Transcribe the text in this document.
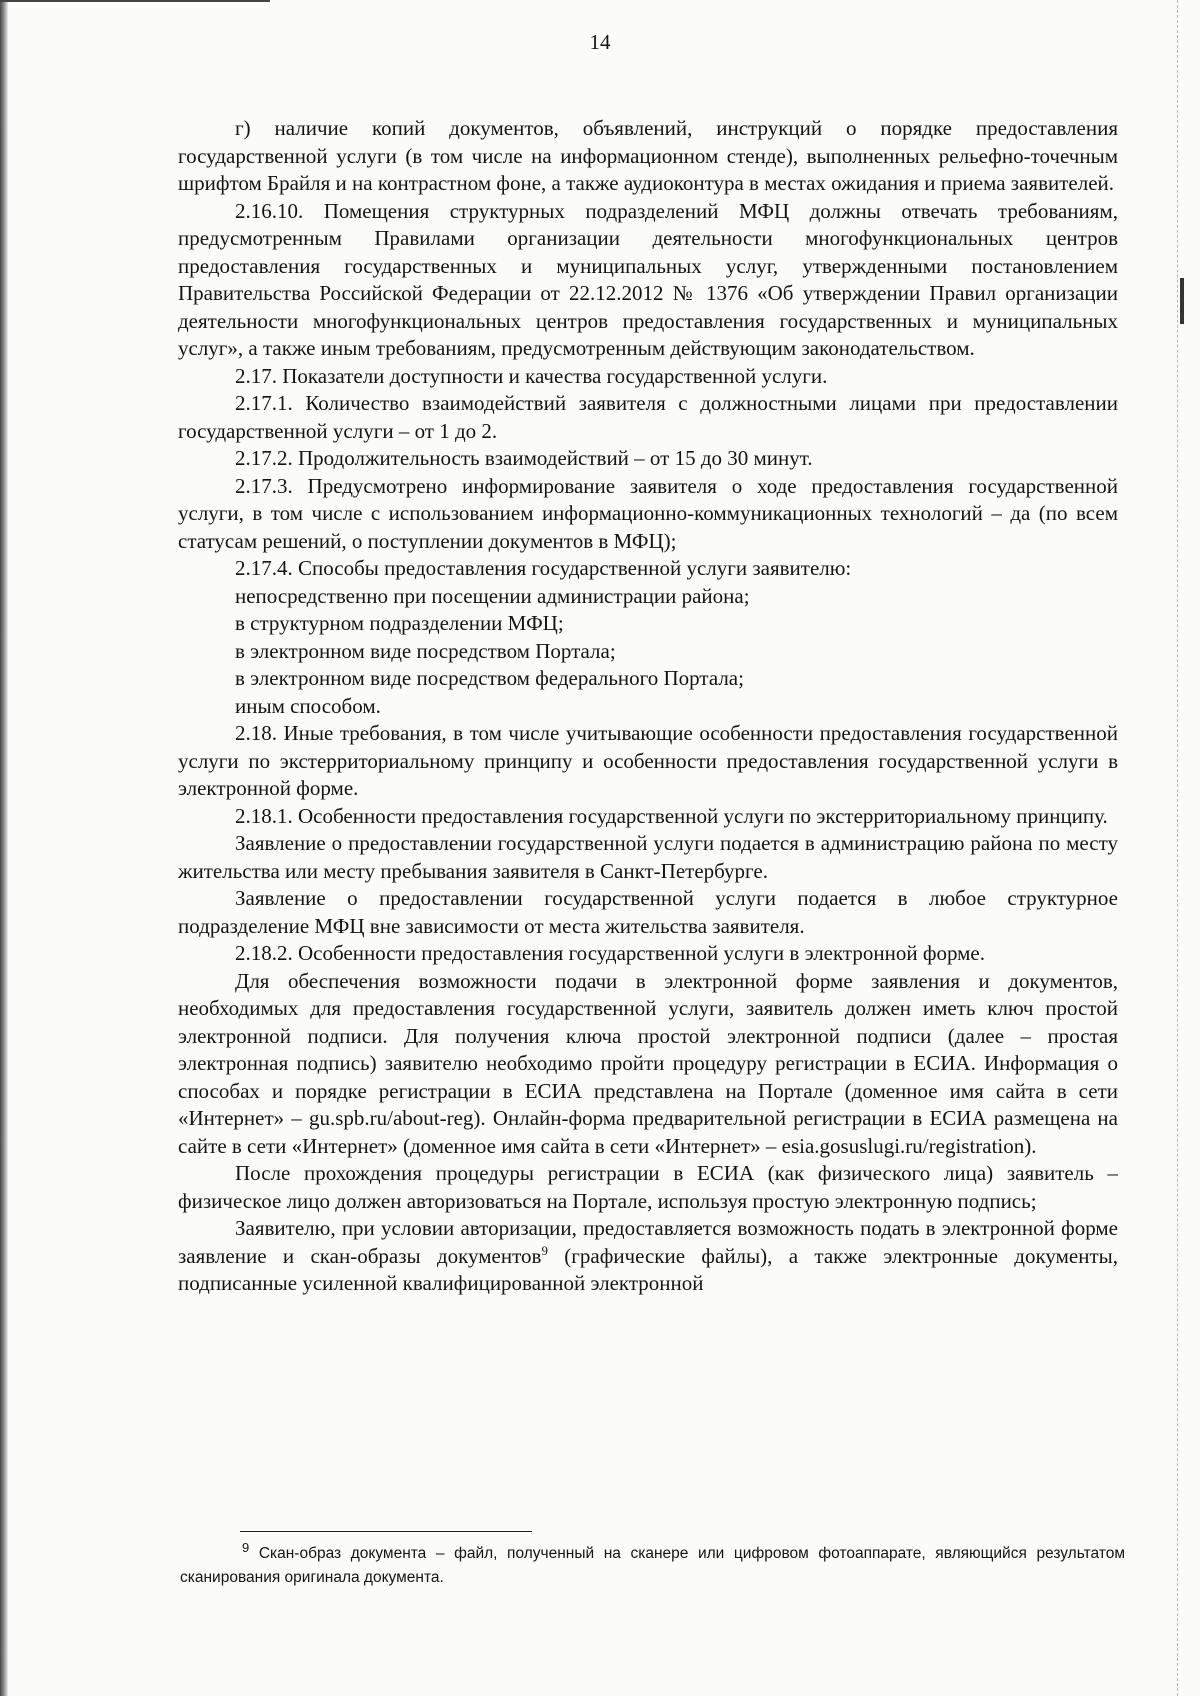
14

г) наличие копий документов, объявлений, инструкций о порядке предоставления государственной услуги (в том числе на информационном стенде), выполненных рельефно-точечным шрифтом Брайля и на контрастном фоне, а также аудиоконтура в местах ожидания и приема заявителей.

2.16.10. Помещения структурных подразделений МФЦ должны отвечать требованиям, предусмотренным Правилами организации деятельности многофункциональных центров предоставления государственных и муниципальных услуг, утвержденными постановлением Правительства Российской Федерации от 22.12.2012 № 1376 «Об утверждении Правил организации деятельности многофункциональных центров предоставления государственных и муниципальных услуг», а также иным требованиям, предусмотренным действующим законодательством.

2.17. Показатели доступности и качества государственной услуги.

2.17.1. Количество взаимодействий заявителя с должностными лицами при предоставлении государственной услуги – от 1 до 2.

2.17.2. Продолжительность взаимодействий – от 15 до 30 минут.

2.17.3. Предусмотрено информирование заявителя о ходе предоставления государственной услуги, в том числе с использованием информационно-коммуникационных технологий – да (по всем статусам решений, о поступлении документов в МФЦ);

2.17.4. Способы предоставления государственной услуги заявителю:

непосредственно при посещении администрации района;

в структурном подразделении МФЦ;

в электронном виде посредством Портала;

в электронном виде посредством федерального Портала;

иным способом.

2.18. Иные требования, в том числе учитывающие особенности предоставления государственной услуги по экстерриториальному принципу и особенности предоставления государственной услуги в электронной форме.

2.18.1. Особенности предоставления государственной услуги по экстерриториальному принципу.

Заявление о предоставлении государственной услуги подается в администрацию района по месту жительства или месту пребывания заявителя в Санкт-Петербурге.

Заявление о предоставлении государственной услуги подается в любое структурное подразделение МФЦ вне зависимости от места жительства заявителя.

2.18.2. Особенности предоставления государственной услуги в электронной форме.

Для обеспечения возможности подачи в электронной форме заявления и документов, необходимых для предоставления государственной услуги, заявитель должен иметь ключ простой электронной подписи. Для получения ключа простой электронной подписи (далее – простая электронная подпись) заявителю необходимо пройти процедуру регистрации в ЕСИА. Информация о способах и порядке регистрации в ЕСИА представлена на Портале (доменное имя сайта в сети «Интернет» – gu.spb.ru/about-reg). Онлайн-форма предварительной регистрации в ЕСИА размещена на сайте в сети «Интернет» (доменное имя сайта в сети «Интернет» – esia.gosuslugi.ru/registration).

После прохождения процедуры регистрации в ЕСИА (как физического лица) заявитель – физическое лицо должен авторизоваться на Портале, используя простую электронную подпись;

Заявителю, при условии авторизации, предоставляется возможность подать в электронной форме заявление и скан-образы документов$^9$ (графические файлы), а также электронные документы, подписанные усиленной квалифицированной электронной

$^9$ Скан-образ документа – файл, полученный на сканере или цифровом фотоаппарате, являющийся результатом сканирования оригинала документа.
